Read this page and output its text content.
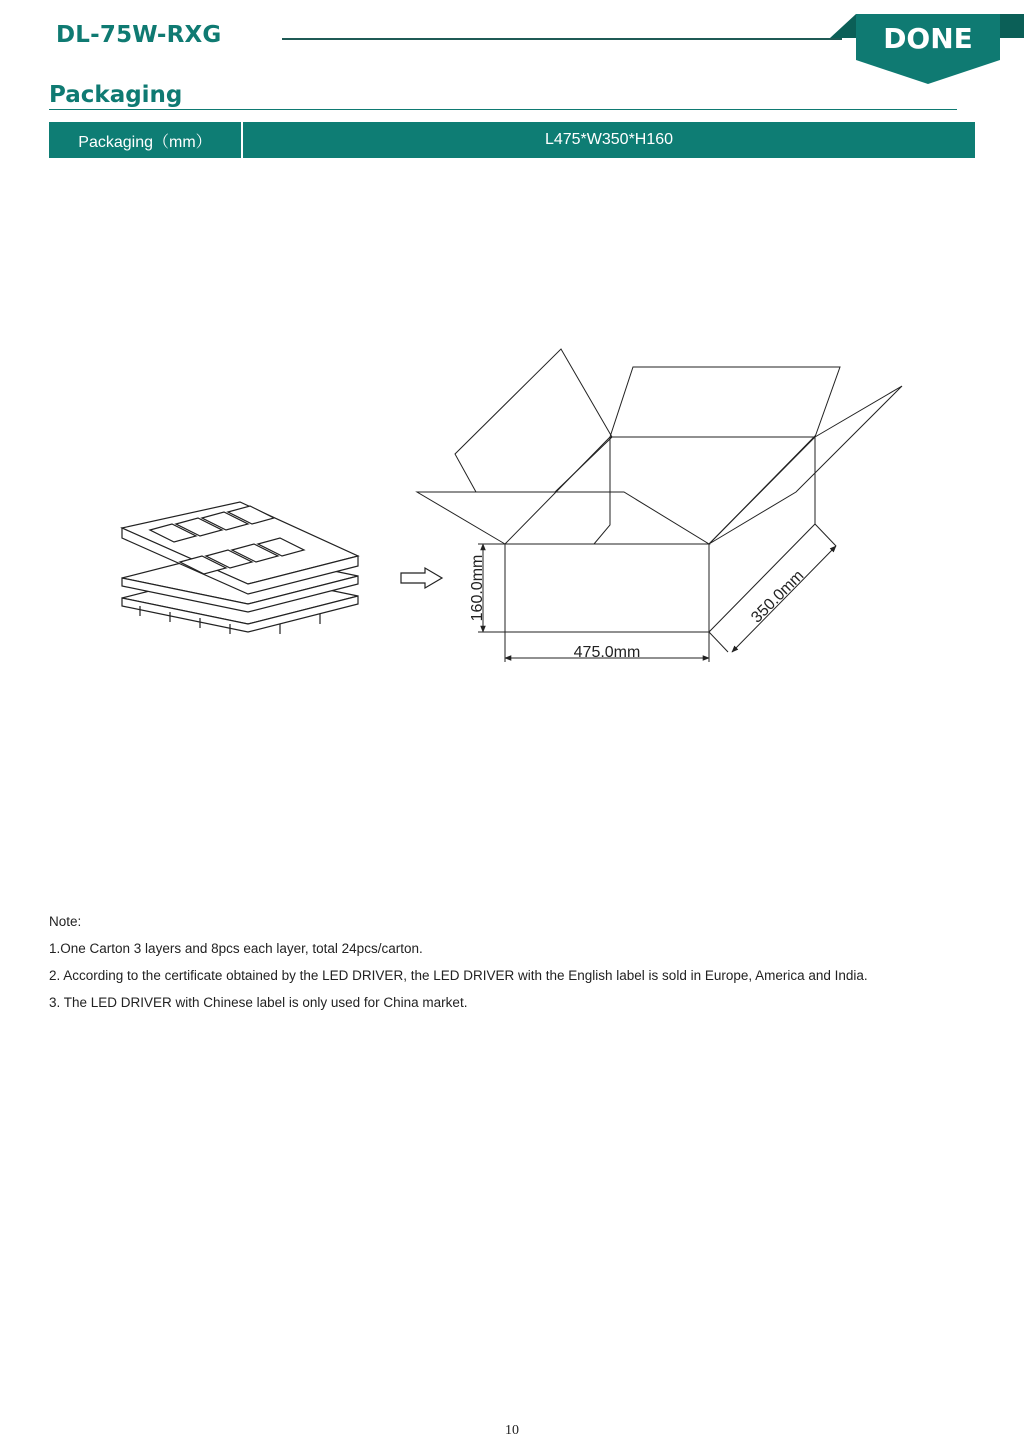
DL-75W-RXG	DONE
Packaging
Packaging（mm）	L475*W350*H160
475.0mm
160.0mm	350.0mm
Note:
1.One Carton 3 layers and 8pcs each layer, total 24pcs/carton.
2. According to the certificate obtained by the LED DRIVER, the LED DRIVER with the English label is sold in Europe, America and India.
3. The LED DRIVER with Chinese label is only used for China market.
10
